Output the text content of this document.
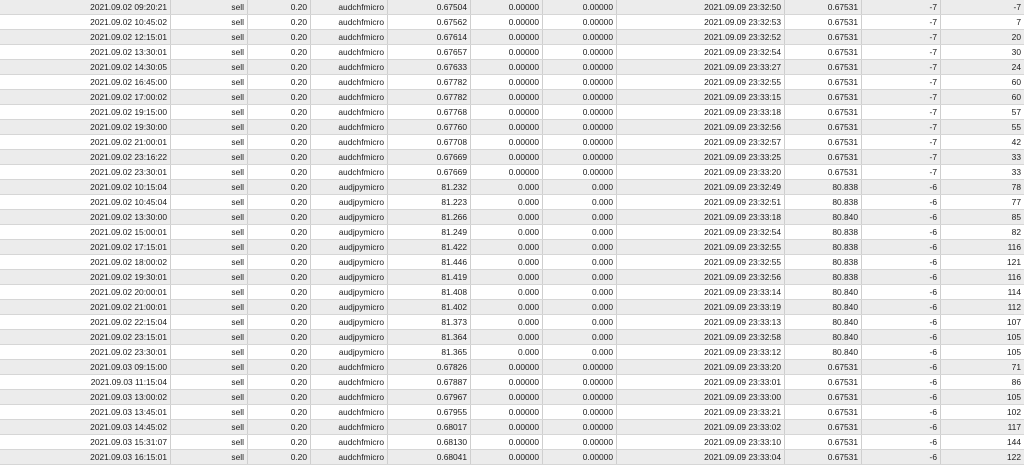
2021.09.02 09:20:21	sell	0.20	audchfmicro	0.67504	0.00000	0.00000	2021.09.09 23:32:50	0.67531	-7	-7
2021.09.02 10:45:02	sell	0.20	audchfmicro	0.67562	0.00000	0.00000	2021.09.09 23:32:53	0.67531	-7	7
2021.09.02 12:15:01	sell	0.20	audchfmicro	0.67614	0.00000	0.00000	2021.09.09 23:32:52	0.67531	-7	20
2021.09.02 13:30:01	sell	0.20	audchfmicro	0.67657	0.00000	0.00000	2021.09.09 23:32:54	0.67531	-7	30
2021.09.02 14:30:05	sell	0.20	audchfmicro	0.67633	0.00000	0.00000	2021.09.09 23:33:27	0.67531	-7	24
2021.09.02 16:45:00	sell	0.20	audchfmicro	0.67782	0.00000	0.00000	2021.09.09 23:32:55	0.67531	-7	60
2021.09.02 17:00:02	sell	0.20	audchfmicro	0.67782	0.00000	0.00000	2021.09.09 23:33:15	0.67531	-7	60
2021.09.02 19:15:00	sell	0.20	audchfmicro	0.67768	0.00000	0.00000	2021.09.09 23:33:18	0.67531	-7	57
2021.09.02 19:30:00	sell	0.20	audchfmicro	0.67760	0.00000	0.00000	2021.09.09 23:32:56	0.67531	-7	55
2021.09.02 21:00:01	sell	0.20	audchfmicro	0.67708	0.00000	0.00000	2021.09.09 23:32:57	0.67531	-7	42
2021.09.02 23:16:22	sell	0.20	audchfmicro	0.67669	0.00000	0.00000	2021.09.09 23:33:25	0.67531	-7	33
2021.09.02 23:30:01	sell	0.20	audchfmicro	0.67669	0.00000	0.00000	2021.09.09 23:33:20	0.67531	-7	33
2021.09.02 10:15:04	sell	0.20	audjpymicro	81.232	0.000	0.000	2021.09.09 23:32:49	80.838	-6	78
2021.09.02 10:45:04	sell	0.20	audjpymicro	81.223	0.000	0.000	2021.09.09 23:32:51	80.838	-6	77
2021.09.02 13:30:00	sell	0.20	audjpymicro	81.266	0.000	0.000	2021.09.09 23:33:18	80.840	-6	85
2021.09.02 15:00:01	sell	0.20	audjpymicro	81.249	0.000	0.000	2021.09.09 23:32:54	80.838	-6	82
2021.09.02 17:15:01	sell	0.20	audjpymicro	81.422	0.000	0.000	2021.09.09 23:32:55	80.838	-6	116
2021.09.02 18:00:02	sell	0.20	audjpymicro	81.446	0.000	0.000	2021.09.09 23:32:55	80.838	-6	121
2021.09.02 19:30:01	sell	0.20	audjpymicro	81.419	0.000	0.000	2021.09.09 23:32:56	80.838	-6	116
2021.09.02 20:00:01	sell	0.20	audjpymicro	81.408	0.000	0.000	2021.09.09 23:33:14	80.840	-6	114
2021.09.02 21:00:01	sell	0.20	audjpymicro	81.402	0.000	0.000	2021.09.09 23:33:19	80.840	-6	112
2021.09.02 22:15:04	sell	0.20	audjpymicro	81.373	0.000	0.000	2021.09.09 23:33:13	80.840	-6	107
2021.09.02 23:15:01	sell	0.20	audjpymicro	81.364	0.000	0.000	2021.09.09 23:32:58	80.840	-6	105
2021.09.02 23:30:01	sell	0.20	audjpymicro	81.365	0.000	0.000	2021.09.09 23:33:12	80.840	-6	105
2021.09.03 09:15:00	sell	0.20	audchfmicro	0.67826	0.00000	0.00000	2021.09.09 23:33:20	0.67531	-6	71
2021.09.03 11:15:04	sell	0.20	audchfmicro	0.67887	0.00000	0.00000	2021.09.09 23:33:01	0.67531	-6	86
2021.09.03 13:00:02	sell	0.20	audchfmicro	0.67967	0.00000	0.00000	2021.09.09 23:33:00	0.67531	-6	105
2021.09.03 13:45:01	sell	0.20	audchfmicro	0.67955	0.00000	0.00000	2021.09.09 23:33:21	0.67531	-6	102
2021.09.03 14:45:02	sell	0.20	audchfmicro	0.68017	0.00000	0.00000	2021.09.09 23:33:02	0.67531	-6	117
2021.09.03 15:31:07	sell	0.20	audchfmicro	0.68130	0.00000	0.00000	2021.09.09 23:33:10	0.67531	-6	144
2021.09.03 16:15:01	sell	0.20	audchfmicro	0.68041	0.00000	0.00000	2021.09.09 23:33:04	0.67531	-6	122
